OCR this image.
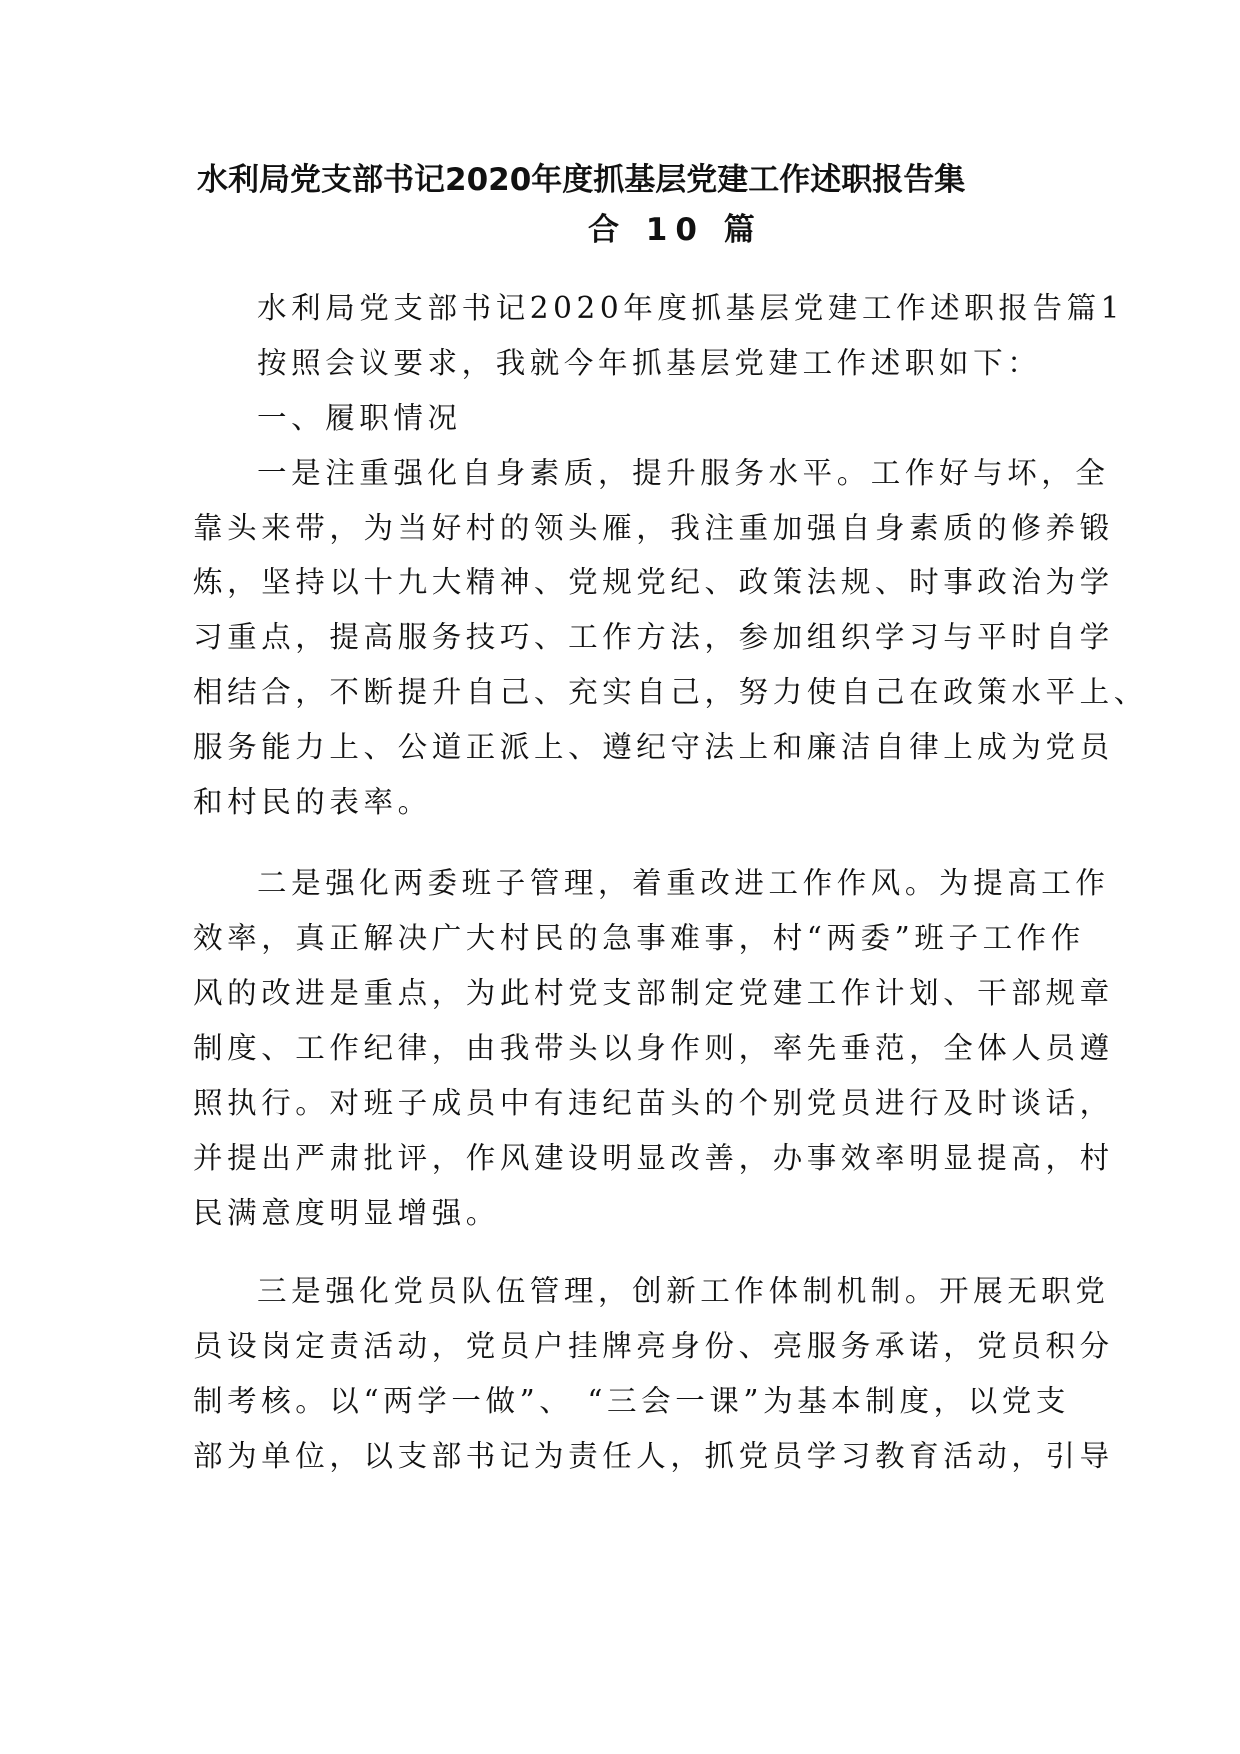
水利局党支部书记2020年度抓基层党建工作述职报告集
合 10 篇
水利局党支部书记2020年度抓基层党建工作述职报告篇1
按照会议要求，我就今年抓基层党建工作述职如下：
一、履职情况
一是注重强化自身素质，提升服务水平。工作好与坏，全
靠头来带，为当好村的领头雁，我注重加强自身素质的修养锻
炼，坚持以十九大精神、党规党纪、政策法规、时事政治为学
习重点，提高服务技巧、工作方法，参加组织学习与平时自学
相结合，不断提升自己、充实自己，努力使自己在政策水平上、
服务能力上、公道正派上、遵纪守法上和廉洁自律上成为党员
和村民的表率。
二是强化两委班子管理，着重改进工作作风。为提高工作
效率，真正解决广大村民的急事难事，村“两委”班子工作作
风的改进是重点，为此村党支部制定党建工作计划、干部规章
制度、工作纪律，由我带头以身作则，率先垂范，全体人员遵
照执行。对班子成员中有违纪苗头的个别党员进行及时谈话，
并提出严肃批评，作风建设明显改善，办事效率明显提高，村
民满意度明显增强。
三是强化党员队伍管理，创新工作体制机制。开展无职党
员设岗定责活动，党员户挂牌亮身份、亮服务承诺，党员积分
制考核。以“两学一做”、 “三会一课”为基本制度，以党支
部为单位，以支部书记为责任人，抓党员学习教育活动，引导
